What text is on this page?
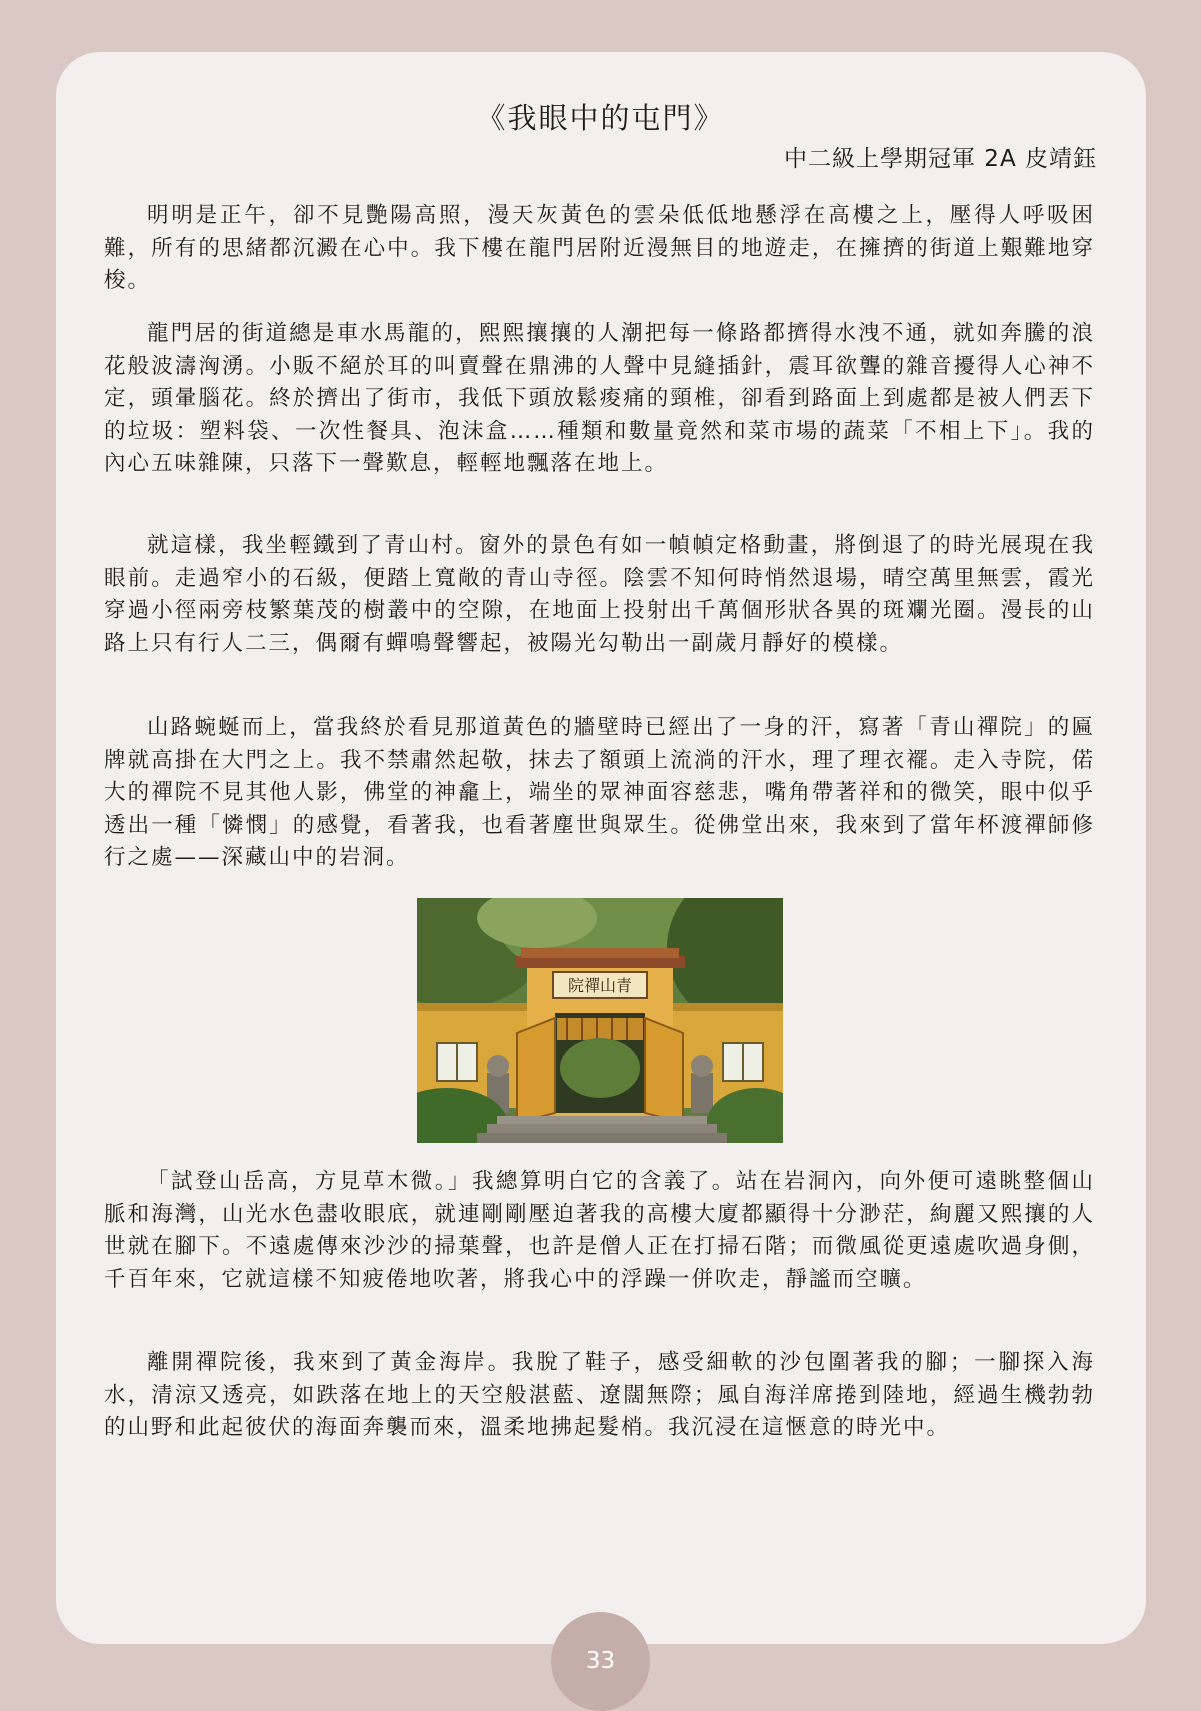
《我眼中的屯門》
中二級上學期冠軍 2A 皮靖鈺

明明是正午，卻不見艷陽高照，漫天灰黃色的雲朵低低地懸浮在高樓之上，壓得人呼吸困難，所有的思緒都沉澱在心中。我下樓在龍門居附近漫無目的地遊走，在擁擠的街道上艱難地穿梭。

龍門居的街道總是車水馬龍的，熙熙攘攘的人潮把每一條路都擠得水洩不通，就如奔騰的浪花般波濤洶湧。小販不絕於耳的叫賣聲在鼎沸的人聲中見縫插針，震耳欲聾的雜音擾得人心神不定，頭暈腦花。終於擠出了街市，我低下頭放鬆痠痛的頸椎，卻看到路面上到處都是被人們丟下的垃圾：塑料袋、一次性餐具、泡沫盒……種類和數量竟然和菜市場的蔬菜「不相上下」。我的內心五味雜陳，只落下一聲歎息，輕輕地飄落在地上。

就這樣，我坐輕鐵到了青山村。窗外的景色有如一幀幀定格動畫，將倒退了的時光展現在我眼前。走過窄小的石級，便踏上寬敞的青山寺徑。陰雲不知何時悄然退場，晴空萬里無雲，霞光穿過小徑兩旁枝繁葉茂的樹叢中的空隙，在地面上投射出千萬個形狀各異的斑斕光圈。漫長的山路上只有行人二三，偶爾有蟬鳴聲響起，被陽光勾勒出一副歲月靜好的模樣。

山路蜿蜒而上，當我終於看見那道黃色的牆壁時已經出了一身的汗，寫著「青山禪院」的匾牌就高掛在大門之上。我不禁肅然起敬，抹去了額頭上流淌的汗水，理了理衣襬。走入寺院，偌大的禪院不見其他人影，佛堂的神龕上，端坐的眾神面容慈悲，嘴角帶著祥和的微笑，眼中似乎透出一種「憐憫」的感覺，看著我，也看著塵世與眾生。從佛堂出來，我來到了當年杯渡禪師修行之處——深藏山中的岩洞。

院禪山青

「試登山岳高，方見草木微。」我總算明白它的含義了。站在岩洞內，向外便可遠眺整個山脈和海灣，山光水色盡收眼底，就連剛剛壓迫著我的高樓大廈都顯得十分渺茫，絢麗又熙攘的人世就在腳下。不遠處傳來沙沙的掃葉聲，也許是僧人正在打掃石階；而微風從更遠處吹過身側，千百年來，它就這樣不知疲倦地吹著，將我心中的浮躁一併吹走，靜謐而空曠。

離開禪院後，我來到了黃金海岸。我脫了鞋子，感受細軟的沙包圍著我的腳；一腳探入海水，清涼又透亮，如跌落在地上的天空般湛藍、遼闊無際；風自海洋席捲到陸地，經過生機勃勃的山野和此起彼伏的海面奔襲而來，溫柔地拂起髮梢。我沉浸在這愜意的時光中。

33
